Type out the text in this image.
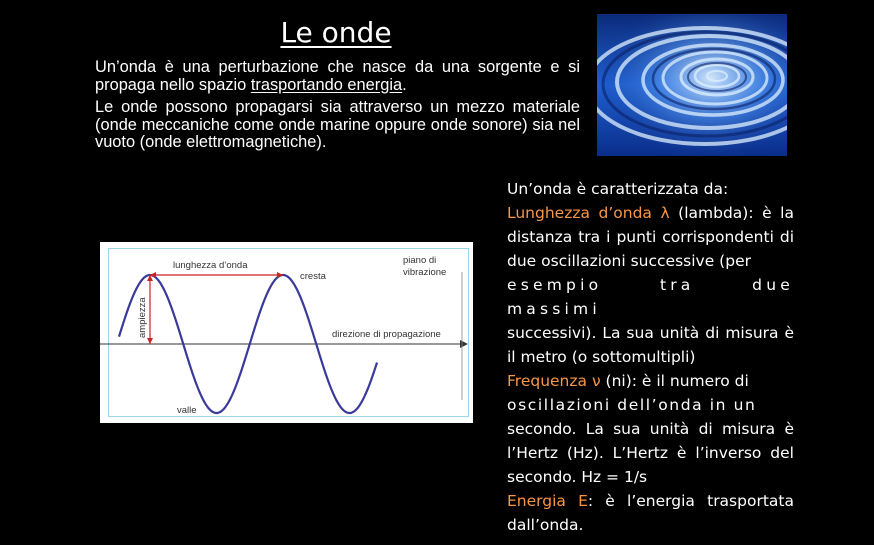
Le onde

Un’onda è una perturbazione che nasce da una sorgente e si propaga nello spazio trasportando energia.

Le onde possono propagarsi sia attraverso un mezzo materiale (onde meccaniche come onde marine oppure onde sonore) sia nel vuoto (onde elettromagnetiche).

lunghezza d’onda
cresta
piano di
vibrazione
ampiezza	direzione di propagazione
valle

Un’onda è caratterizzata da:

Lunghezza d’onda λ (lambda): è la distanza tra i punti corrispondenti di due oscillazioni successive (per
esempio tra due massimi
successivi). La sua unità di misura è il metro (o sottomultipli)

Frequenza ν (ni): è il numero di
oscillazioni dell’onda in un
secondo. La sua unità di misura è l’Hertz (Hz). L’Hertz è l’inverso del secondo. Hz = 1/s

Energia E: è l’energia trasportata dall’onda.
